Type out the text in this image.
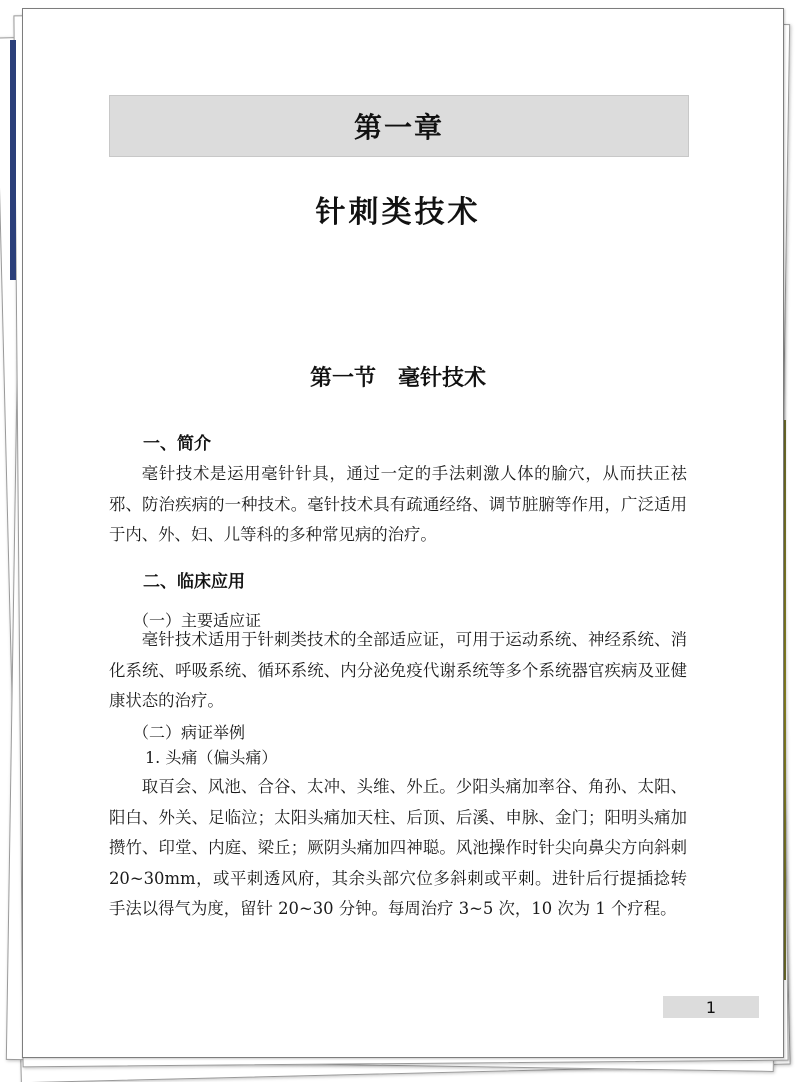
第一章
针刺类技术
第一节　毫针技术
一、简介

毫针技术是运用毫针针具，通过一定的手法刺激人体的腧穴，从而扶正祛邪、防治疾病的一种技术。毫针技术具有疏通经络、调节脏腑等作用，广泛适用于内、外、妇、儿等科的多种常见病的治疗。

二、临床应用
（一）主要适应证

毫针技术适用于针刺类技术的全部适应证，可用于运动系统、神经系统、消化系统、呼吸系统、循环系统、内分泌免疫代谢系统等多个系统器官疾病及亚健康状态的治疗。

（二）病证举例
1. 头痛（偏头痛）

取百会、风池、合谷、太冲、头维、外丘。少阳头痛加率谷、角孙、太阳、阳白、外关、足临泣；太阳头痛加天柱、后顶、后溪、申脉、金门；阳明头痛加攒竹、印堂、内庭、梁丘；厥阴头痛加四神聪。风池操作时针尖向鼻尖方向斜刺 20~30mm，或平刺透风府，其余头部穴位多斜刺或平刺。进针后行提插捻转手法以得气为度，留针 20~30 分钟。每周治疗 3~5 次，10 次为 1 个疗程。

1
